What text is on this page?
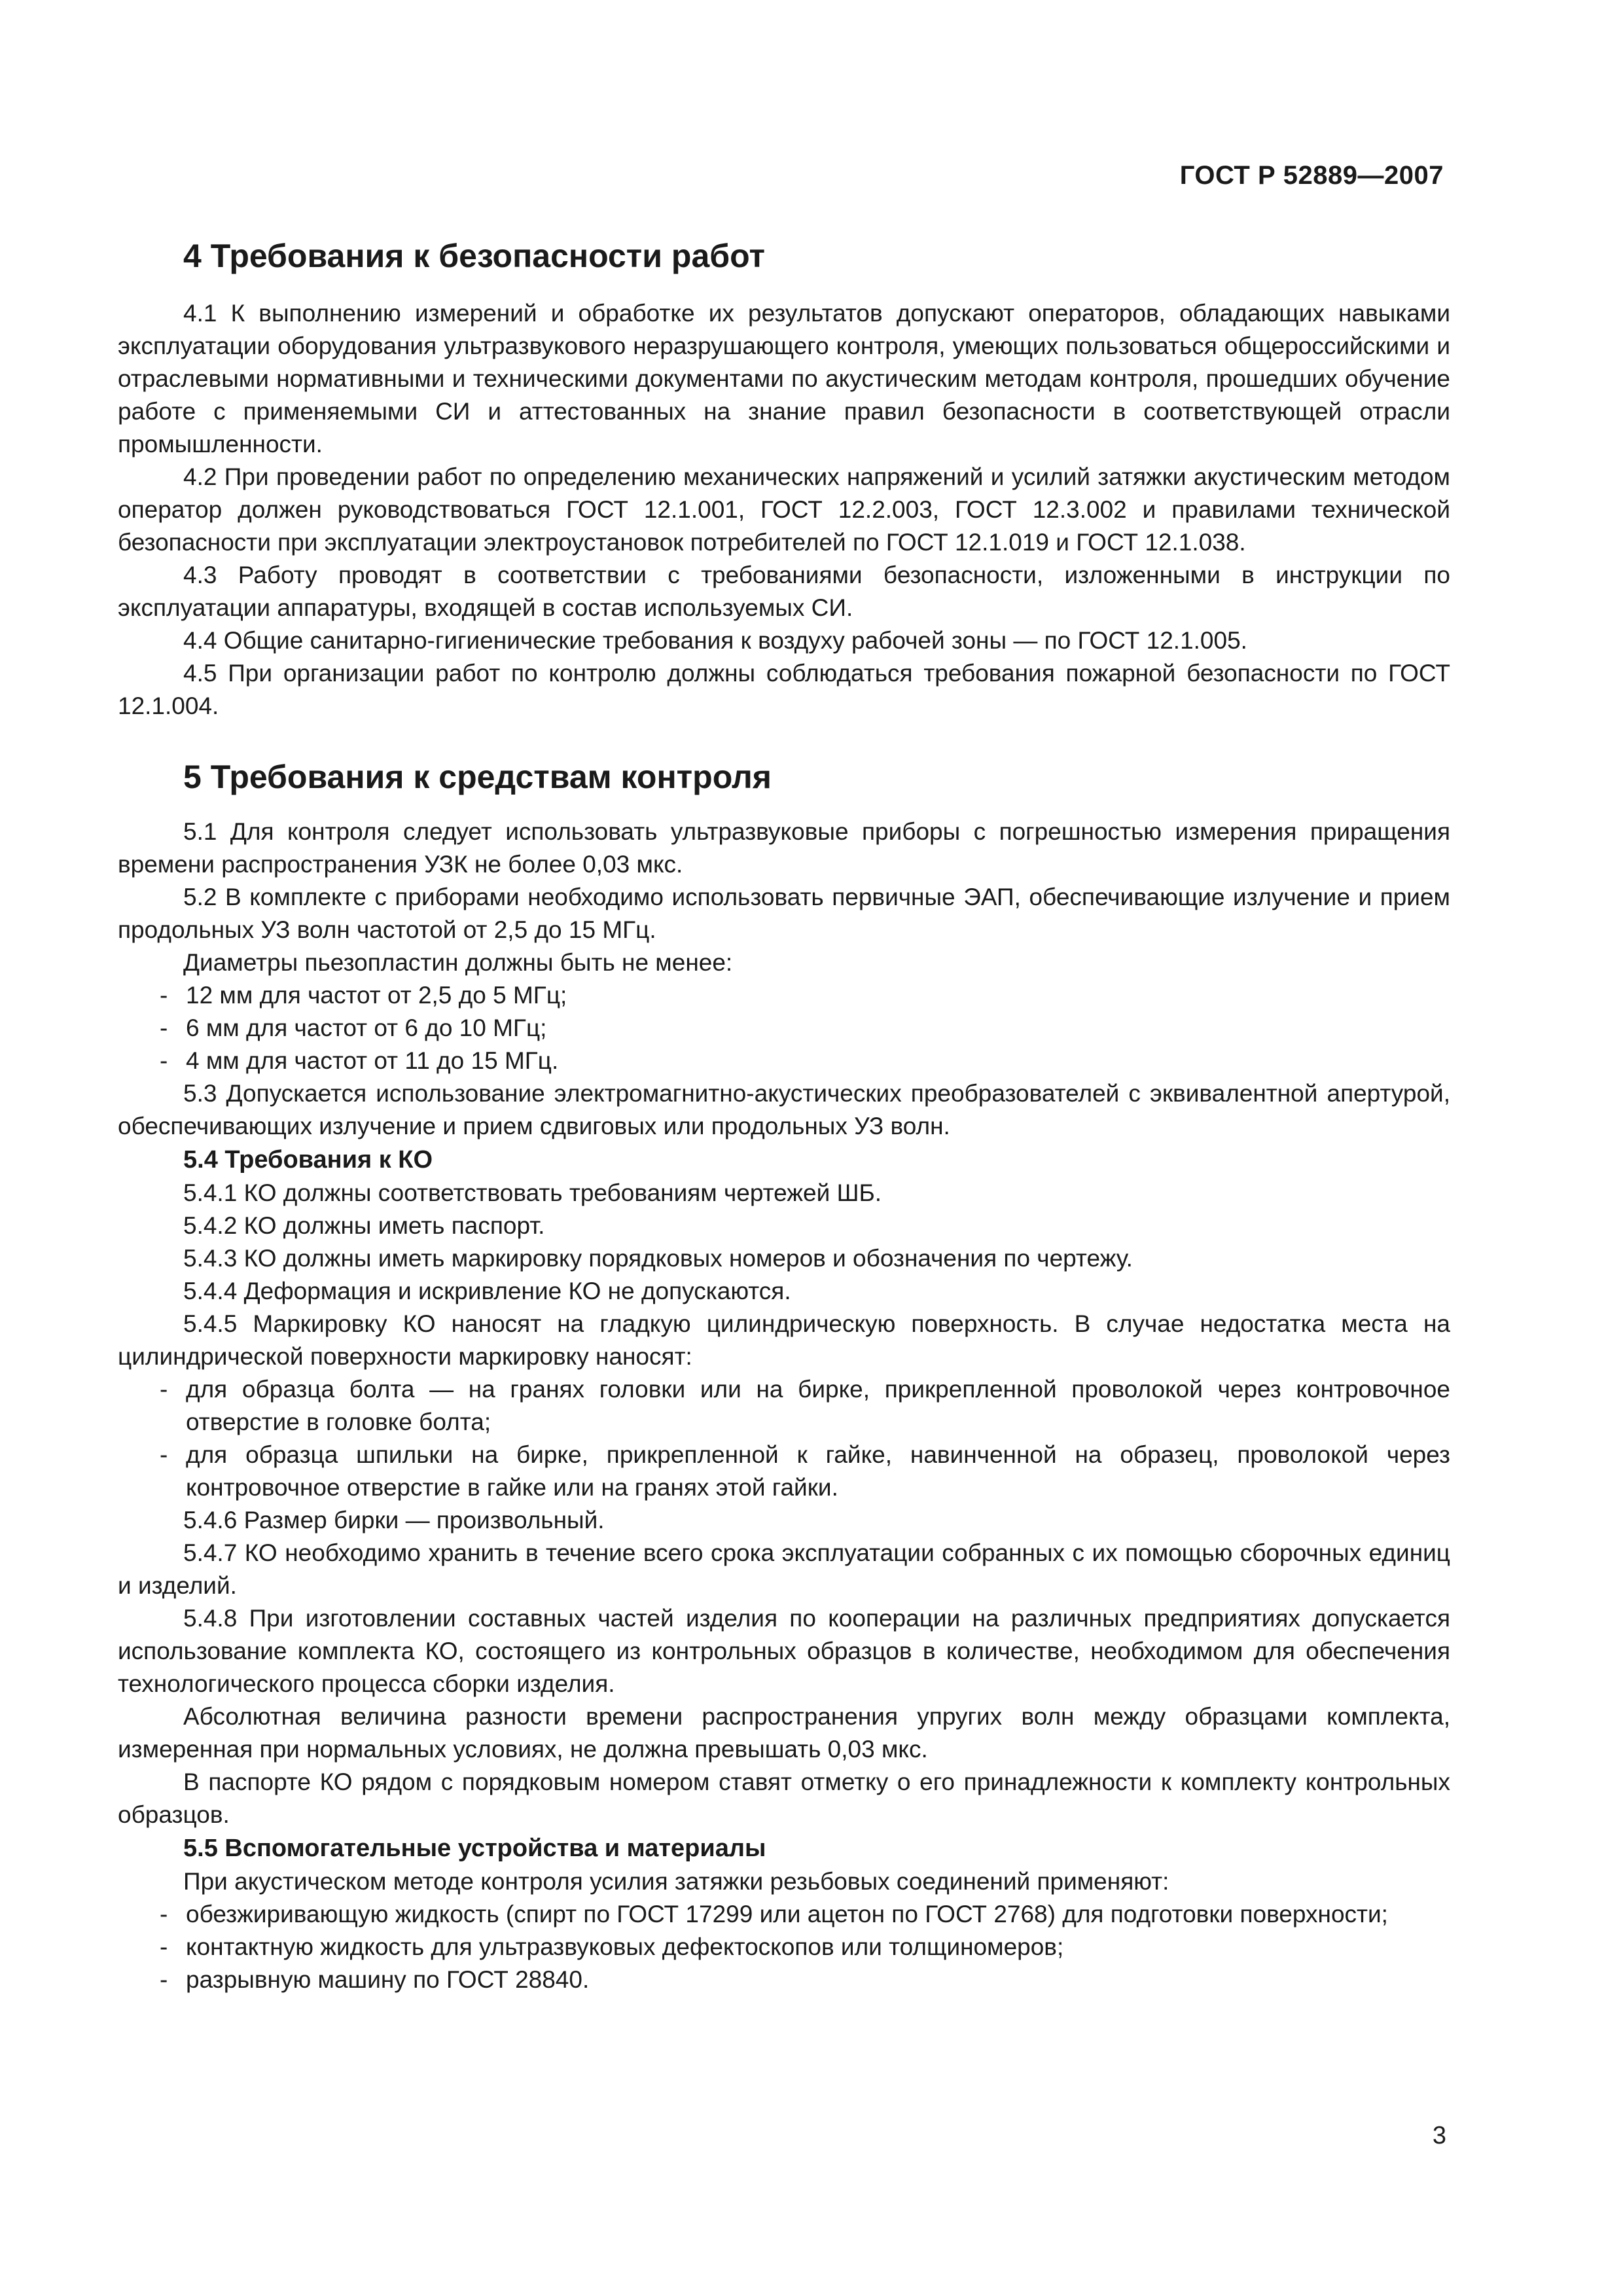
ГОСТ Р 52889—2007
4 Требования к безопасности работ

4.1 К выполнению измерений и обработке их результатов допускают операторов, обладающих навыками эксплуатации оборудования ультразвукового неразрушающего контроля, умеющих пользоваться общероссийскими и отраслевыми нормативными и техническими документами по акустическим методам контроля, прошедших обучение работе с применяемыми СИ и аттестованных на знание правил безопасности в соответствующей отрасли промышленности.

4.2 При проведении работ по определению механических напряжений и усилий затяжки акустическим методом оператор должен руководствоваться ГОСТ 12.1.001, ГОСТ 12.2.003, ГОСТ 12.3.002 и правилами технической безопасности при эксплуатации электроустановок потребителей по ГОСТ 12.1.019 и ГОСТ 12.1.038.

4.3 Работу проводят в соответствии с требованиями безопасности, изложенными в инструкции по эксплуатации аппаратуры, входящей в состав используемых СИ.

4.4 Общие санитарно-гигиенические требования к воздуху рабочей зоны — по ГОСТ 12.1.005.

4.5 При организации работ по контролю должны соблюдаться требования пожарной безопасности по ГОСТ 12.1.004.

5 Требования к средствам контроля

5.1 Для контроля следует использовать ультразвуковые приборы с погрешностью измерения приращения времени распространения УЗК не более 0,03 мкс.

5.2 В комплекте с приборами необходимо использовать первичные ЭАП, обеспечивающие излучение и прием продольных УЗ волн частотой от 2,5 до 15 МГц.

Диаметры пьезопластин должны быть не менее:

- 12 мм для частот от 2,5 до 5 МГц;
- 6 мм для частот от 6 до 10 МГц;
- 4 мм для частот от 11 до 15 МГц.

5.3 Допускается использование электромагнитно-акустических преобразователей с эквивалентной апертурой, обеспечивающих излучение и прием сдвиговых или продольных УЗ волн.

5.4 Требования к КО

5.4.1 КО должны соответствовать требованиям чертежей ШБ.

5.4.2 КО должны иметь паспорт.

5.4.3 КО должны иметь маркировку порядковых номеров и обозначения по чертежу.

5.4.4 Деформация и искривление КО не допускаются.

5.4.5 Маркировку КО наносят на гладкую цилиндрическую поверхность. В случае недостатка места на цилиндрической поверхности маркировку наносят:

- для образца болта — на гранях головки или на бирке, прикрепленной проволокой через контровочное отверстие в головке болта;
- для образца шпильки на бирке, прикрепленной к гайке, навинченной на образец, проволокой через контровочное отверстие в гайке или на гранях этой гайки.

5.4.6 Размер бирки — произвольный.

5.4.7 КО необходимо хранить в течение всего срока эксплуатации собранных с их помощью сборочных единиц и изделий.

5.4.8 При изготовлении составных частей изделия по кооперации на различных предприятиях допускается использование комплекта КО, состоящего из контрольных образцов в количестве, необходимом для обеспечения технологического процесса сборки изделия.

Абсолютная величина разности времени распространения упругих волн между образцами комплекта, измеренная при нормальных условиях, не должна превышать 0,03 мкс.

В паспорте КО рядом с порядковым номером ставят отметку о его принадлежности к комплекту контрольных образцов.

5.5 Вспомогательные устройства и материалы

При акустическом методе контроля усилия затяжки резьбовых соединений применяют:

- обезжиривающую жидкость (спирт по ГОСТ 17299 или ацетон по ГОСТ 2768) для подготовки поверхности;
- контактную жидкость для ультразвуковых дефектоскопов или толщиномеров;
- разрывную машину по ГОСТ 28840.
3
